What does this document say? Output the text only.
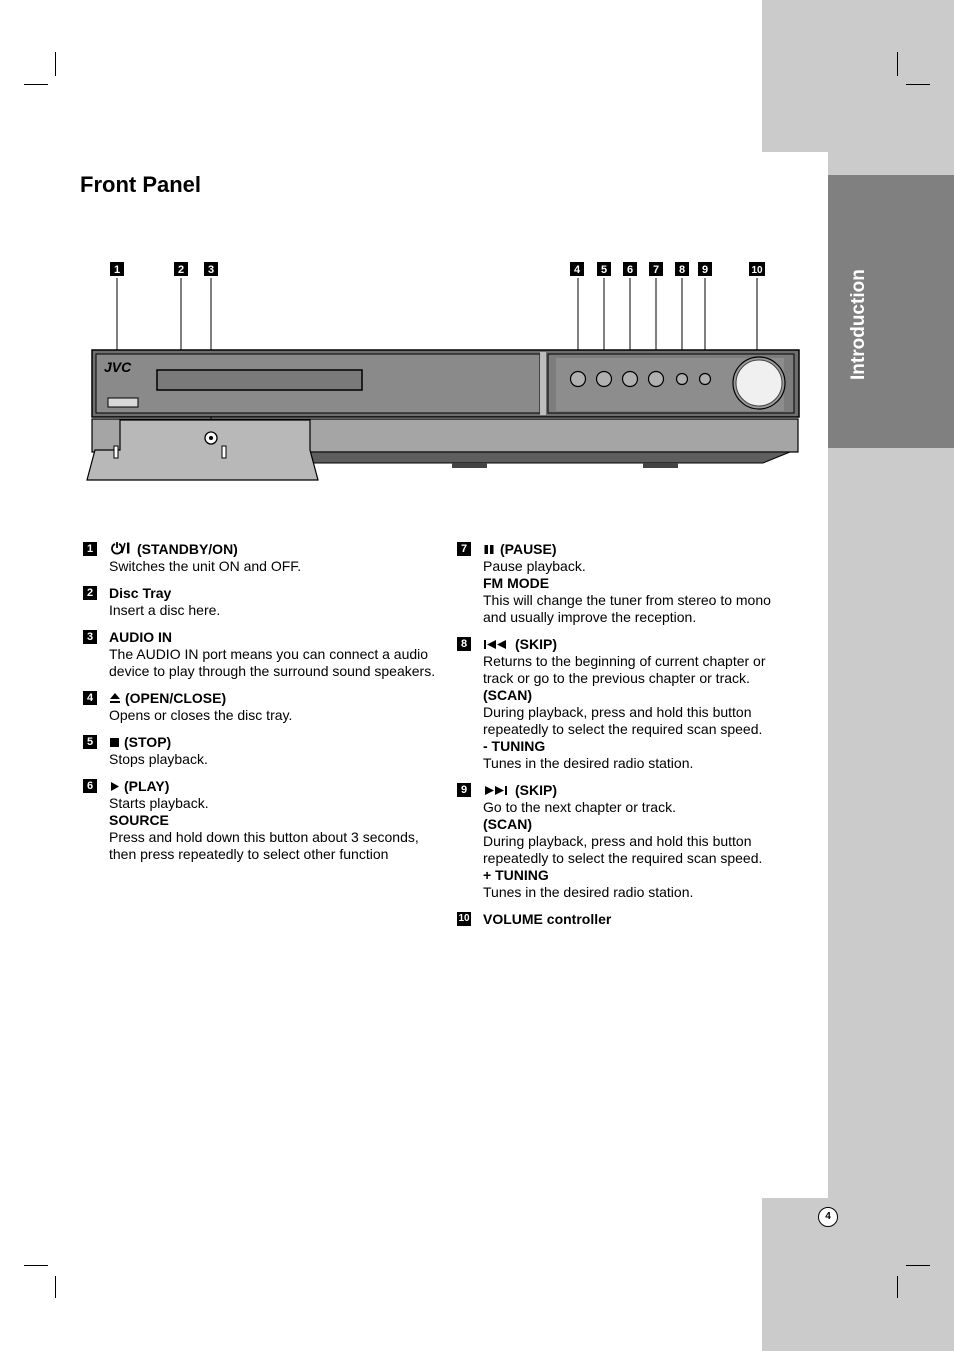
Front Panel
JVC
1	2 3	4 5 6 7 8 9	10
1	(STANDBY/ON)
Switches the unit ON and OFF.
2 Disc Tray
Insert a disc here.
3 AUDIO IN
The AUDIO IN port means you can connect a audio device to play through the surround sound speakers.
4	(OPEN/CLOSE)
Opens or closes the disc tray.
5	(STOP)
Stops playback.
6	(PLAY)
Starts playback.
SOURCE
Press and hold down this button about 3 seconds, then press repeatedly to select other function
7	(PAUSE)
Pause playback.
FM MODE
This will change the tuner from stereo to mono and usually improve the reception.
8	(SKIP)
Returns to the beginning of current chapter or track or go to the previous chapter or track.
(SCAN)
During playback, press and hold this button repeatedly to select the required scan speed.
- TUNING
Tunes in the desired radio station.
9	(SKIP)
Go to the next chapter or track.
(SCAN)
During playback, press and hold this button repeatedly to select the required scan speed.
+ TUNING
Tunes in the desired radio station.
10 VOLUME controller
4
